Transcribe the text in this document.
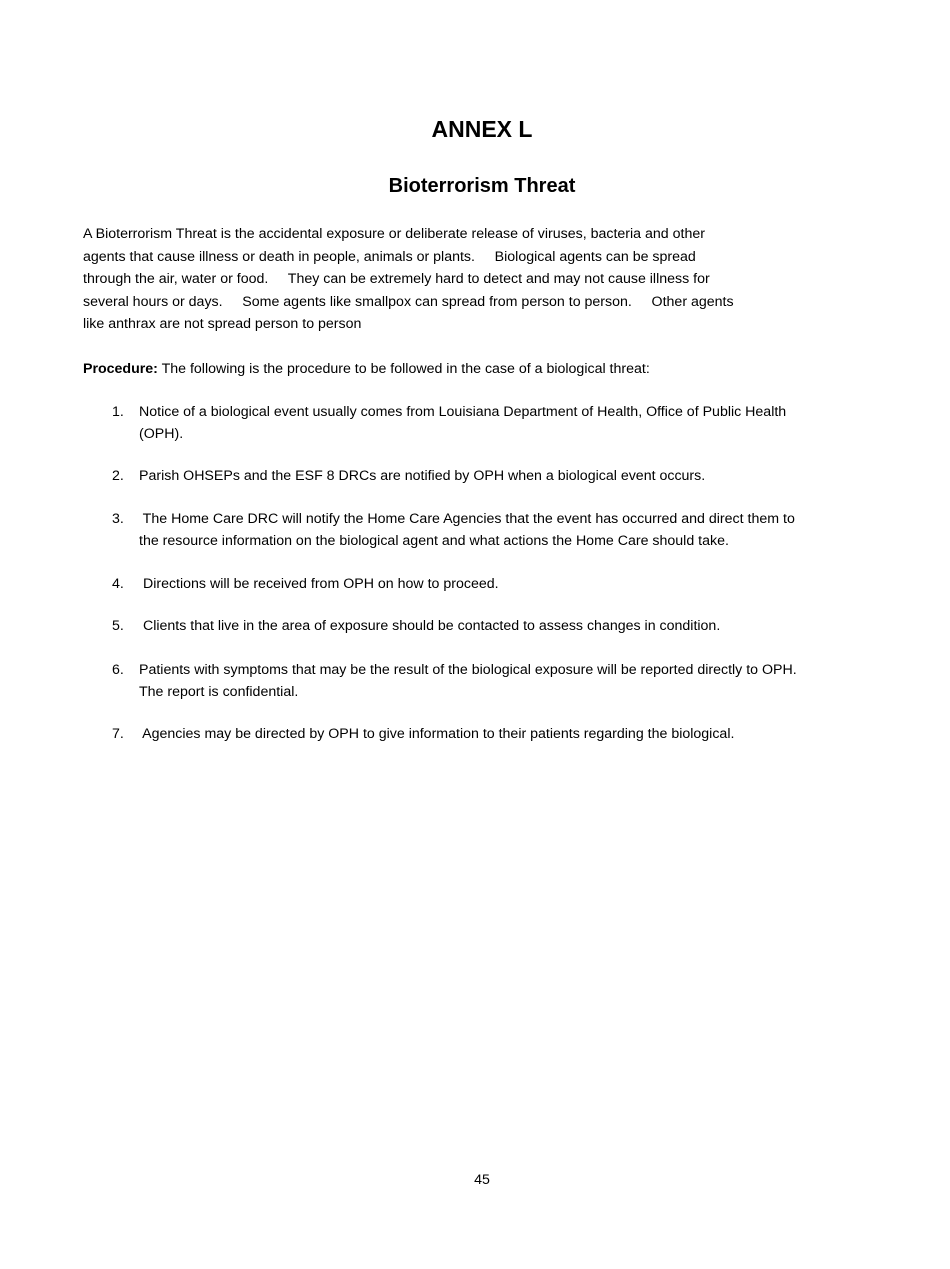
ANNEX L
Bioterrorism Threat
A Bioterrorism Threat is the accidental exposure or deliberate release of viruses, bacteria and other
agents that cause illness or death in people, animals or plants.     Biological agents can be spread
through the air, water or food.     They can be extremely hard to detect and may not cause illness for
several hours or days.     Some agents like smallpox can spread from person to person.     Other agents
like anthrax are not spread person to person
Procedure: The following is the procedure to be followed in the case of a biological threat:
1.	Notice of a biological event usually comes from Louisiana Department of Health, Office of Public Health
(OPH).
2.	Parish OHSEPs and the ESF 8 DRCs are notified by OPH when a biological event occurs.
3.	The Home Care DRC will notify the Home Care Agencies that the event has occurred and direct them to
the resource information on the biological agent and what actions the Home Care should take.
4.	Directions will be received from OPH on how to proceed.
5.	Clients that live in the area of exposure should be contacted to assess changes in condition.
6.	Patients with symptoms that may be the result of the biological exposure will be reported directly to OPH.
The report is confidential.
7.	Agencies may be directed by OPH to give information to their patients regarding the biological.
45
